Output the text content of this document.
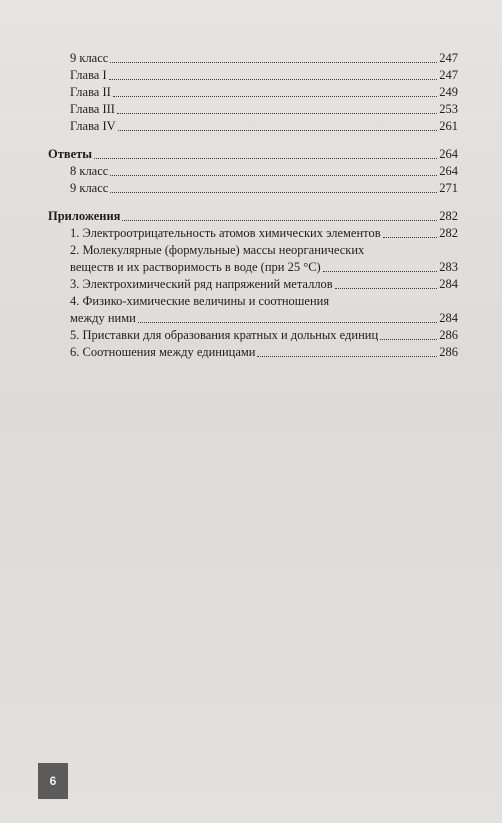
9 класс	247
Глава I	247
Глава II	249
Глава III	253
Глава IV	261
Ответы	264
8 класс	264
9 класс	271
Приложения	282
1. Электроотрицательность атомов химических элементов	282
2. Молекулярные (формульные) массы неорганических
веществ и их растворимость в воде (при 25 °С)	283
3. Электрохимический ряд напряжений металлов	284
4. Физико-химические величины и соотношения
между ними	284
5. Приставки для образования кратных и дольных единиц	286
6. Соотношения между единицами	286
6
